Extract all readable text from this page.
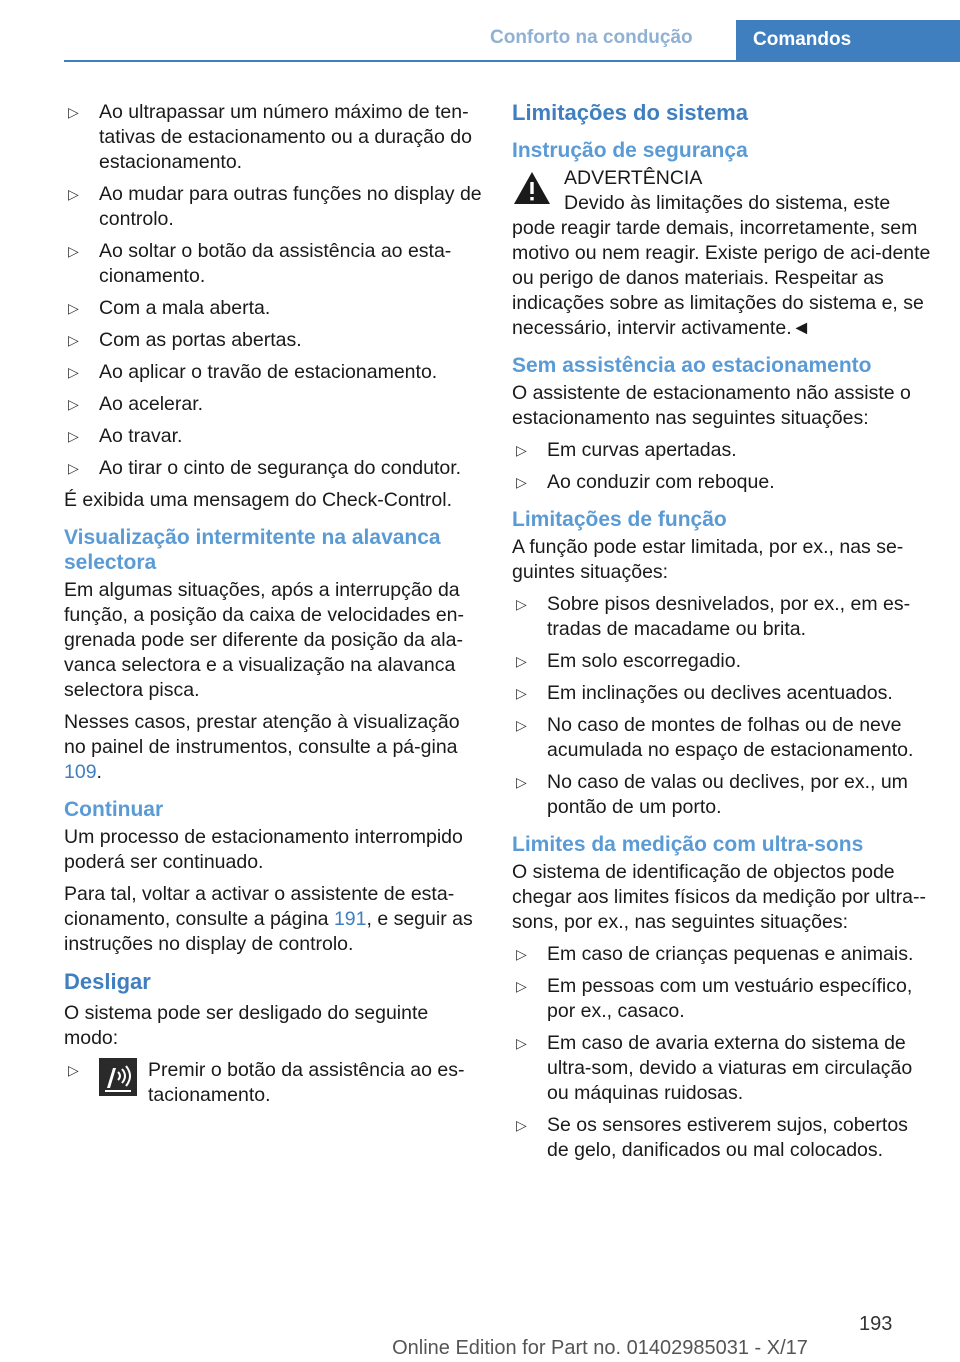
Conforto na condução	Comandos
▷ Ao ultrapassar um número máximo de ten-tativas de estacionamento ou a duração do estacionamento.
▷ Ao mudar para outras funções no display de controlo.
▷ Ao soltar o botão da assistência ao esta-cionamento.
▷ Com a mala aberta.
▷ Com as portas abertas.
▷ Ao aplicar o travão de estacionamento.
▷ Ao acelerar.
▷ Ao travar.
▷ Ao tirar o cinto de segurança do condutor.

É exibida uma mensagem do Check-Control.

Visualização intermitente na alavanca selectora

Em algumas situações, após a interrupção da função, a posição da caixa de velocidades en-grenada pode ser diferente da posição da ala-vanca selectora e a visualização na alavanca selectora pisca.

Nesses casos, prestar atenção à visualização no painel de instrumentos, consulte a pá-gina 109.

Continuar

Um processo de estacionamento interrompido poderá ser continuado.

Para tal, voltar a activar o assistente de esta-cionamento, consulte a página 191, e seguir as instruções no display de controlo.

Desligar

O sistema pode ser desligado do seguinte modo:

▷	Premir o botão da assistência ao es-tacionamento.
Limitações do sistema
Instrução de segurança
ADVERTÊNCIA

Devido às limitações do sistema, este pode reagir tarde demais, incorretamente, sem motivo ou nem reagir. Existe perigo de aci-dente ou perigo de danos materiais. Respeitar as indicações sobre as limitações do sistema e, se necessário, intervir activamente.◄

Sem assistência ao estacionamento

O assistente de estacionamento não assiste o estacionamento nas seguintes situações:

▷ Em curvas apertadas.
▷ Ao conduzir com reboque.
Limitações de função

A função pode estar limitada, por ex., nas se-guintes situações:

▷ Sobre pisos desnivelados, por ex., em es-tradas de macadame ou brita.
▷ Em solo escorregadio.
▷ Em inclinações ou declives acentuados.
▷ No caso de montes de folhas ou de neve acumulada no espaço de estacionamento.
▷ No caso de valas ou declives, por ex., um pontão de um porto.
Limites da medição com ultra-sons

O sistema de identificação de objectos pode chegar aos limites físicos da medição por ultra--sons, por ex., nas seguintes situações:

▷ Em caso de crianças pequenas e animais.
▷ Em pessoas com um vestuário específico, por ex., casaco.
▷ Em caso de avaria externa do sistema de ultra-som, devido a viaturas em circulação ou máquinas ruidosas.
▷ Se os sensores estiverem sujos, cobertos de gelo, danificados ou mal colocados.
193
Online Edition for Part no. 01402985031 - X/17
